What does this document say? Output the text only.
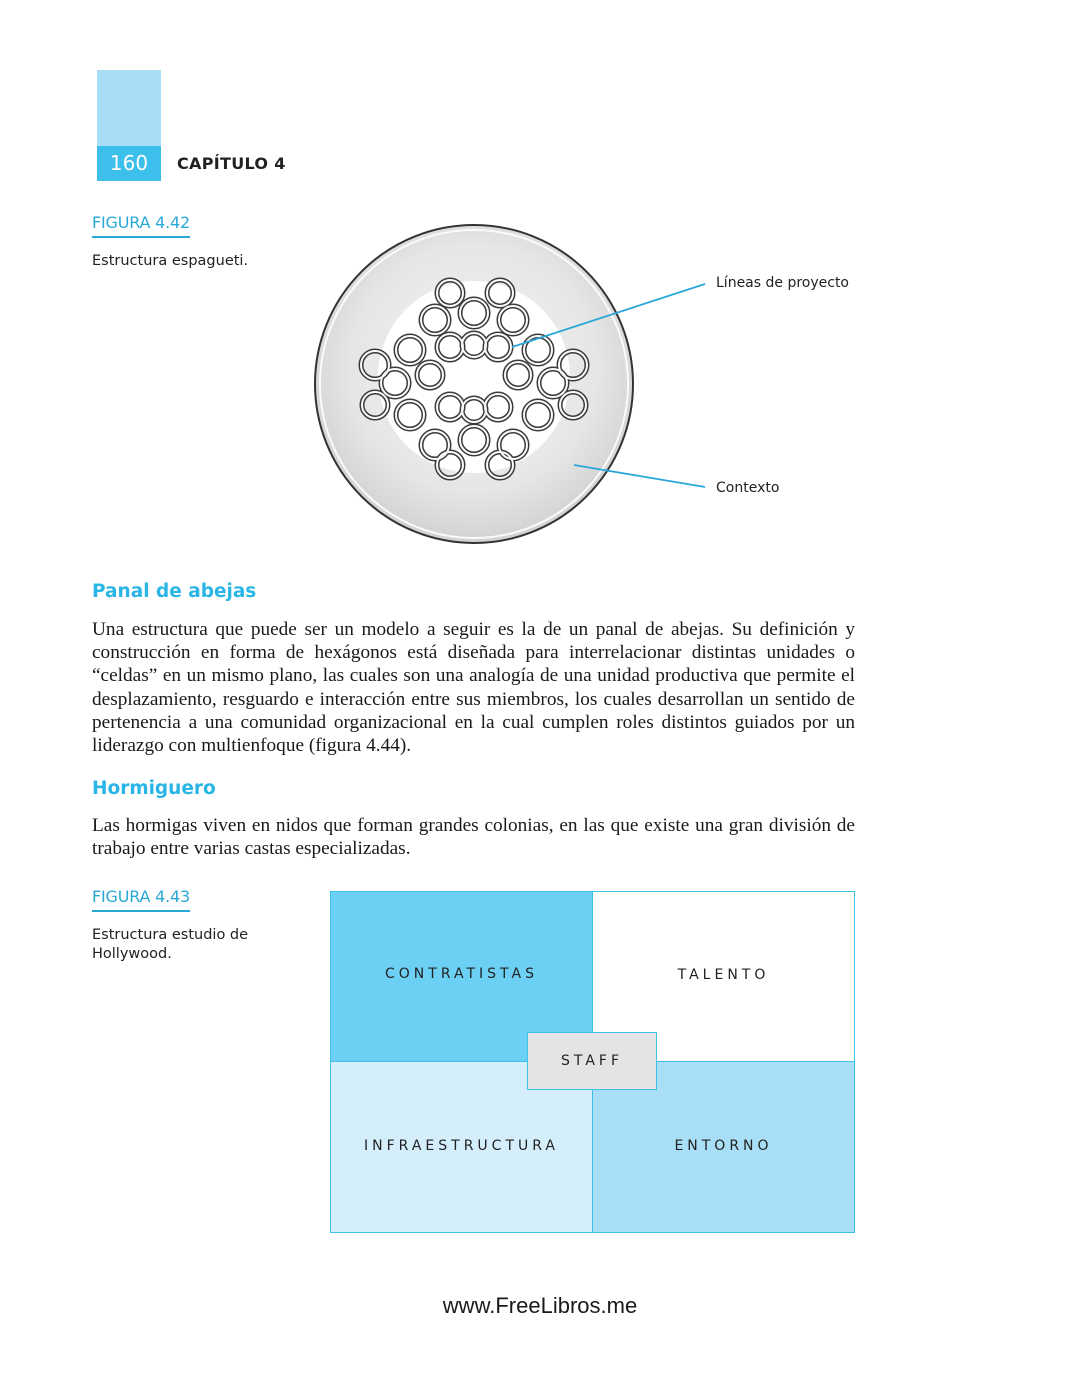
160	CAPÍTULO 4
FIGURA 4.42
Estructura espagueti.
Líneas de proyecto
Contexto
Panal de abejas
Una estructura que puede ser un modelo a seguir es la de un panal de abejas. Su definición y construcción en forma de hexágonos está diseñada para interrelacionar distintas unidades o “celdas” en un mismo plano, las cuales son una analogía de una unidad productiva que permite el desplazamiento, resguardo e interacción entre sus miembros, los cuales desarrollan un sentido de pertenencia a una comunidad organizacional en la cual cumplen roles distintos guiados por un liderazgo con multienfoque (figura 4.44).
Hormiguero
Las hormigas viven en nidos que forman grandes colonias, en las que existe una gran división de trabajo entre varias castas especializadas.
FIGURA 4.43
Estructura estudio de Hollywood.
CONTRATISTAS	TALENTO
INFRAESTRUCTURA	ENTORNO
STAFF
www.FreeLibros.me
